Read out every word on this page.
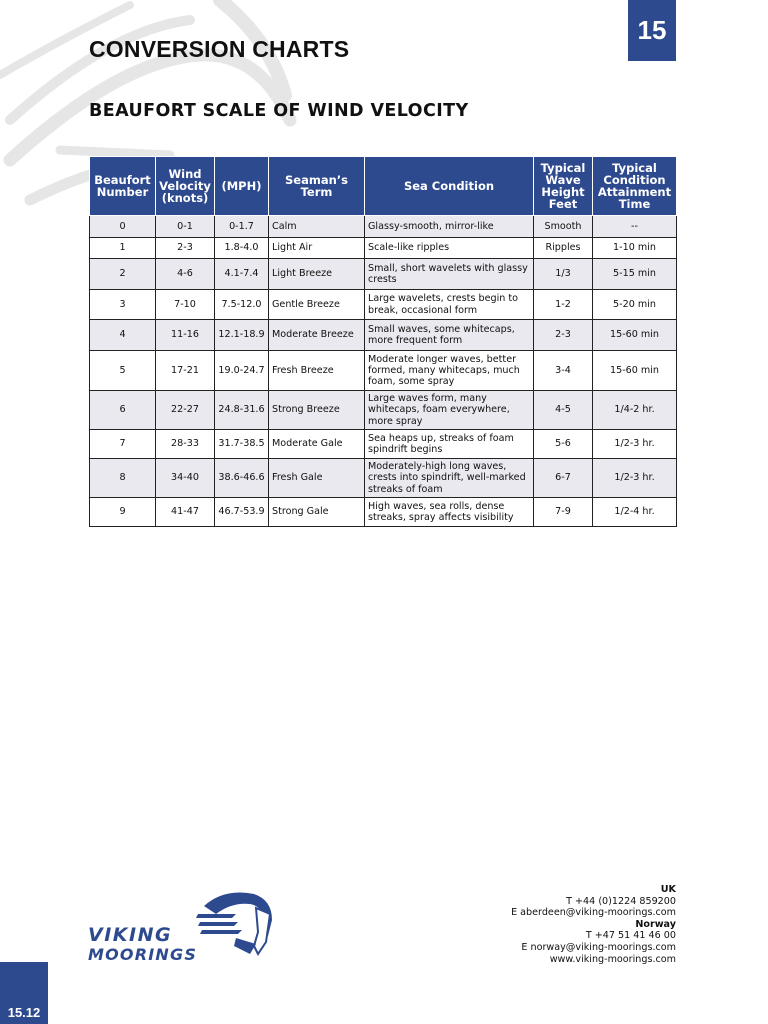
15
CONVERSION CHARTS
BEAUFORT SCALE OF WIND VELOCITY
Beaufort Number	Wind Velocity (knots)	(MPH)	Seaman’s Term	Sea Condition	Typical Wave Height Feet	Typical Condition Attainment Time
0	0-1	0-1.7	Calm	Glassy-smooth, mirror-like	Smooth	--
1	2-3	1.8-4.0	Light Air	Scale-like ripples	Ripples	1-10 min
2	4-6	4.1-7.4	Light Breeze	Small, short wavelets with glassy crests	1/3	5-15 min
3	7-10	7.5-12.0	Gentle Breeze	Large wavelets, crests begin to break, occasional form	1-2	5-20 min
4	11-16	12.1-18.9	Moderate Breeze	Small waves, some whitecaps, more frequent form	2-3	15-60 min
5	17-21	19.0-24.7	Fresh Breeze	Moderate longer waves, better formed, many whitecaps, much foam, some spray	3-4	15-60 min
6	22-27	24.8-31.6	Strong Breeze	Large waves form, many whitecaps, foam everywhere, more spray	4-5	1/4-2 hr.
7	28-33	31.7-38.5	Moderate Gale	Sea heaps up, streaks of foam spindrift begins	5-6	1/2-3 hr.
8	34-40	38.6-46.6	Fresh Gale	Moderately-high long waves, crests into spindrift, well-marked streaks of foam	6-7	1/2-3 hr.
9	41-47	46.7-53.9	Strong Gale	High waves, sea rolls, dense streaks, spray affects visibility	7-9	1/2-4 hr.
VIKING
MOORINGS
UK
T +44 (0)1224 859200
E aberdeen@viking-moorings.com
Norway
T +47 51 41 46 00
E norway@viking-moorings.com
www.viking-moorings.com
15.12
